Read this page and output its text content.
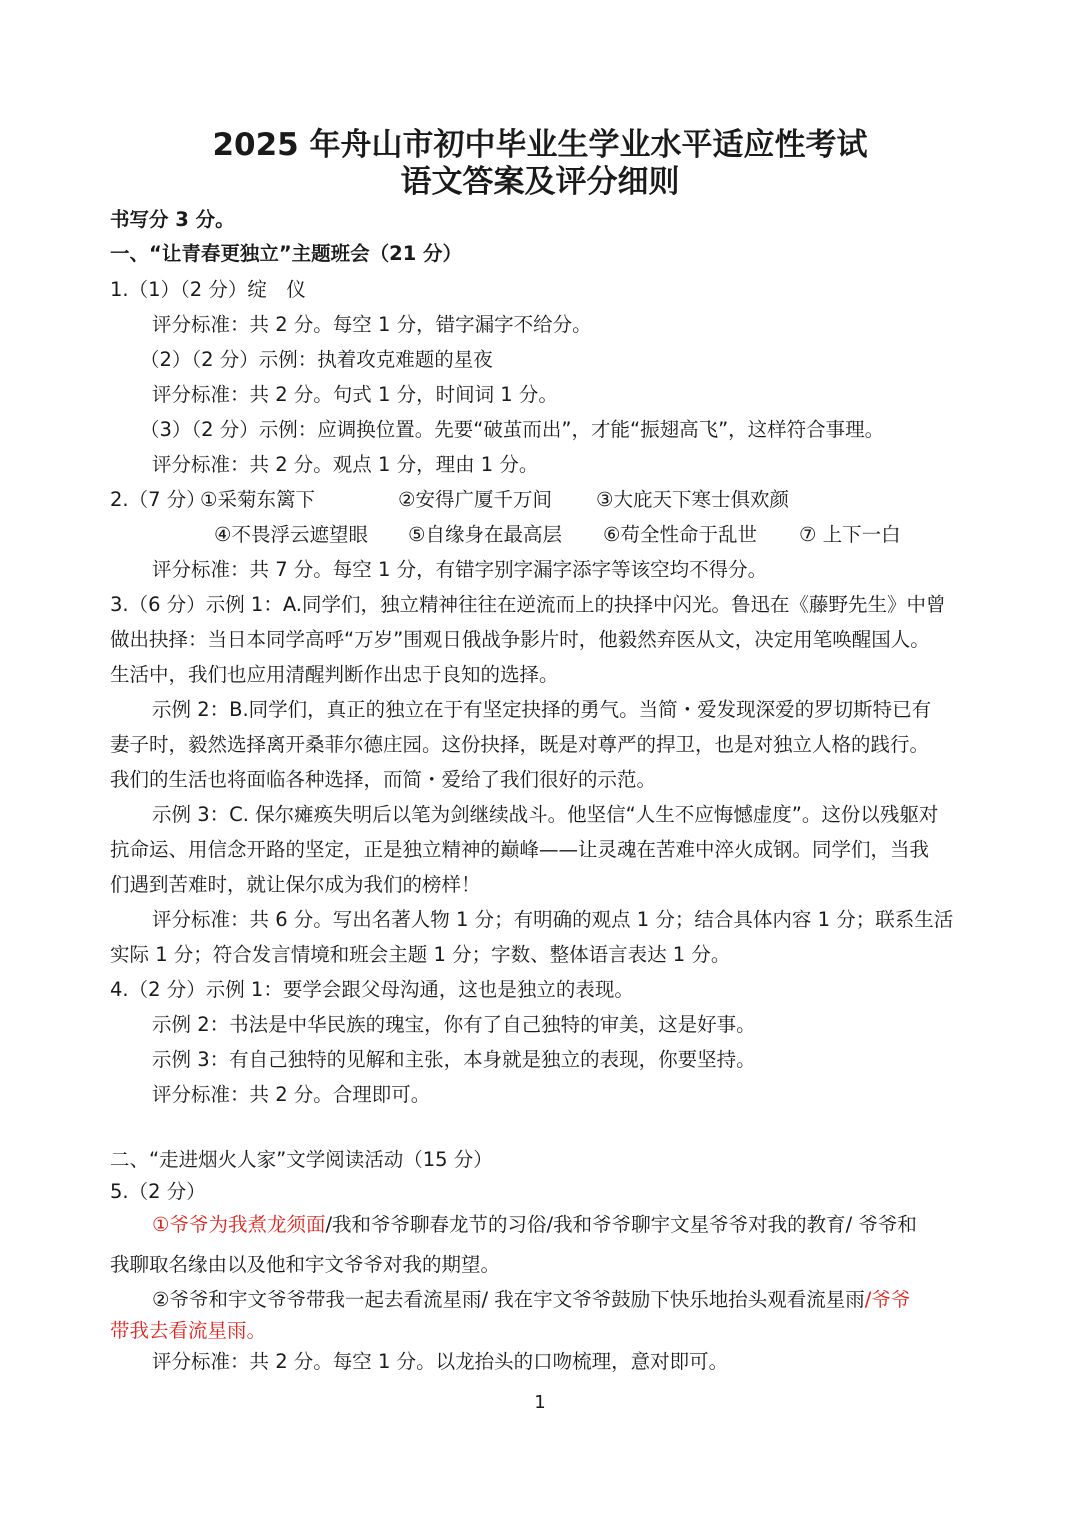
2025 年舟山市初中毕业生学业水平适应性考试
语文答案及评分细则
书写分 3 分。
一、“让青春更独立”主题班会（21 分）
1.（1）（2 分）绽　仪
评分标准：共 2 分。每空 1 分，错字漏字不给分。
（2）（2 分）示例：执着攻克难题的星夜
评分标准：共 2 分。句式 1 分，时间词 1 分。
（3）（2 分）示例：应调换位置。先要“破茧而出”，才能“振翅高飞”，这样符合事理。
评分标准：共 2 分。观点 1 分，理由 1 分。
2.（7 分）
①采菊东篱下	②安得广厦千万间 ③大庇天下寒士俱欢颜
④不畏浮云遮望眼 ⑤自缘身在最高层 ⑥苟全性命于乱世 ⑦ 上下一白
评分标准：共 7 分。每空 1 分，有错字别字漏字添字等该空均不得分。
3.（6 分）示例 1：A.同学们，独立精神往往在逆流而上的抉择中闪光。鲁迅在《藤野先生》中曾
做出抉择：当日本同学高呼“万岁”围观日俄战争影片时，他毅然弃医从文，决定用笔唤醒国人。
生活中，我们也应用清醒判断作出忠于良知的选择。
示例 2：B.同学们，真正的独立在于有坚定抉择的勇气。当简・爱发现深爱的罗切斯特已有
妻子时，毅然选择离开桑菲尔德庄园。这份抉择，既是对尊严的捍卫，也是对独立人格的践行。
我们的生活也将面临各种选择，而简・爱给了我们很好的示范。
示例 3：C. 保尔瘫痪失明后以笔为剑继续战斗。他坚信“人生不应悔憾虚度”。这份以残躯对
抗命运、用信念开路的坚定，正是独立精神的巅峰——让灵魂在苦难中淬火成钢。同学们，当我
们遇到苦难时，就让保尔成为我们的榜样！
评分标准：共 6 分。写出名著人物 1 分；有明确的观点 1 分；结合具体内容 1 分；联系生活
实际 1 分；符合发言情境和班会主题 1 分；字数、整体语言表达 1 分。
4.（2 分）示例 1：要学会跟父母沟通，这也是独立的表现。
示例 2：书法是中华民族的瑰宝，你有了自己独特的审美，这是好事。
示例 3：有自己独特的见解和主张，本身就是独立的表现，你要坚持。
评分标准：共 2 分。合理即可。
二、“走进烟火人家”文学阅读活动（15 分）
5.（2 分）
①爷爷为我煮龙须面/我和爷爷聊春龙节的习俗/我和爷爷聊宇文星爷爷对我的教育/ 爷爷和
我聊取名缘由以及他和宇文爷爷对我的期望。
②爷爷和宇文爷爷带我一起去看流星雨/ 我在宇文爷爷鼓励下快乐地抬头观看流星雨/爷爷
带我去看流星雨。
评分标准：共 2 分。每空 1 分。以龙抬头的口吻梳理，意对即可。
1
